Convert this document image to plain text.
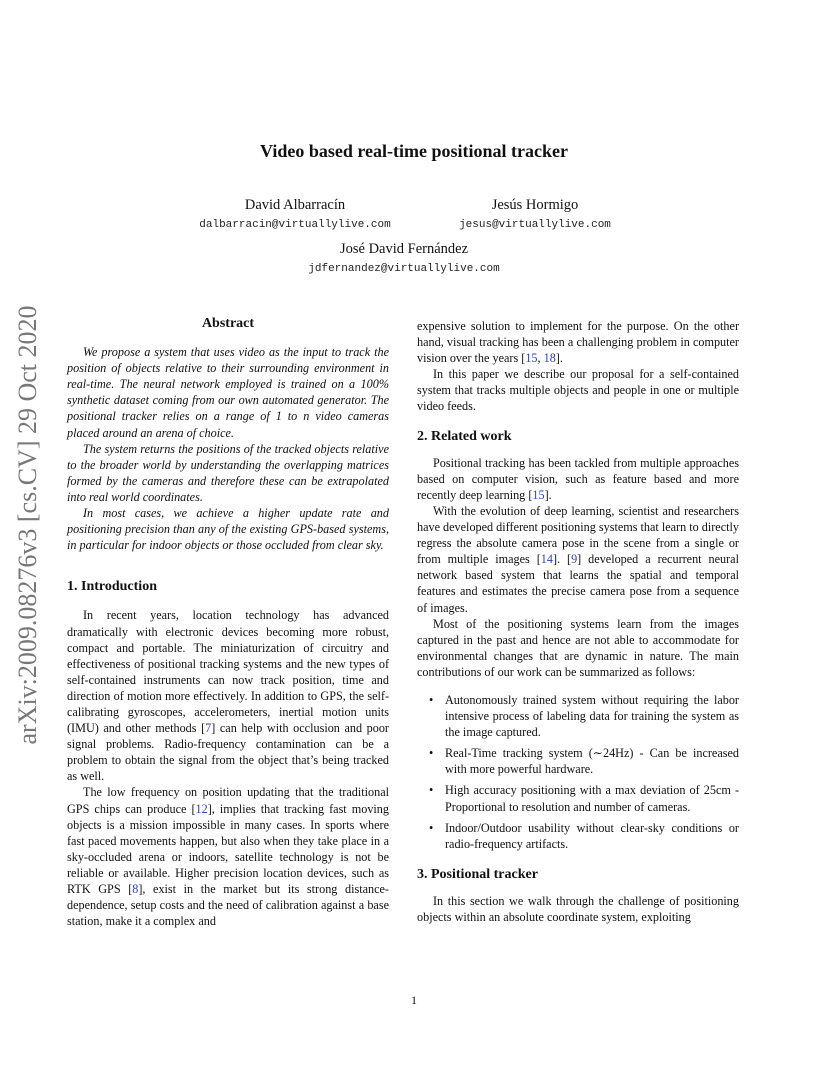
Video based real-time positional tracker
David Albarracín
dalbarracin@virtuallylive.com
Jesús Hormigo
jesus@virtuallylive.com
José David Fernández
jdfernandez@virtuallylive.com
arXiv:2009.08276v3 [cs.CV] 29 Oct 2020	Abstract

We propose a system that uses video as the input to track the position of objects relative to their surrounding environment in real-time. The neural network employed is trained on a 100% synthetic dataset coming from our own automated generator. The positional tracker relies on a range of 1 to n video cameras placed around an arena of choice.

The system returns the positions of the tracked objects relative to the broader world by understanding the overlapping matrices formed by the cameras and therefore these can be extrapolated into real world coordinates.

In most cases, we achieve a higher update rate and positioning precision than any of the existing GPS-based systems, in particular for indoor objects or those occluded from clear sky.

1. Introduction

In recent years, location technology has advanced dramatically with electronic devices becoming more robust, compact and portable. The miniaturization of circuitry and effectiveness of positional tracking systems and the new types of self-contained instruments can now track position, time and direction of motion more effectively. In addition to GPS, the self-calibrating gyroscopes, accelerometers, inertial motion units (IMU) and other methods [7] can help with occlusion and poor signal problems. Radio-frequency contamination can be a problem to obtain the signal from the object that’s being tracked as well.

The low frequency on position updating that the traditional GPS chips can produce [12], implies that tracking fast moving objects is a mission impossible in many cases. In sports where fast paced movements happen, but also when they take place in a sky-occluded arena or indoors, satellite technology is not be reliable or available. Higher precision location devices, such as RTK GPS [8], exist in the market but its strong distance-dependence, setup costs and the need of calibration against a base station, make it a complex and

expensive solution to implement for the purpose. On the other hand, visual tracking has been a challenging problem in computer vision over the years [15, 18].

In this paper we describe our proposal for a self-contained system that tracks multiple objects and people in one or multiple video feeds.

2. Related work

Positional tracking has been tackled from multiple approaches based on computer vision, such as feature based and more recently deep learning [15].

With the evolution of deep learning, scientist and researchers have developed different positioning systems that learn to directly regress the absolute camera pose in the scene from a single or from multiple images [14]. [9] developed a recurrent neural network based system that learns the spatial and temporal features and estimates the precise camera pose from a sequence of images.

Most of the positioning systems learn from the images captured in the past and hence are not able to accommodate for environmental changes that are dynamic in nature. The main contributions of our work can be summarized as follows:

• Autonomously trained system without requiring the labor intensive process of labeling data for training the system as the image captured.
• Real-Time tracking system (∼24Hz) - Can be increased with more powerful hardware.
• High accuracy positioning with a max deviation of 25cm - Proportional to resolution and number of cameras.
• Indoor/Outdoor usability without clear-sky conditions or radio-frequency artifacts.
3. Positional tracker

In this section we walk through the challenge of positioning objects within an absolute coordinate system, exploiting

1
